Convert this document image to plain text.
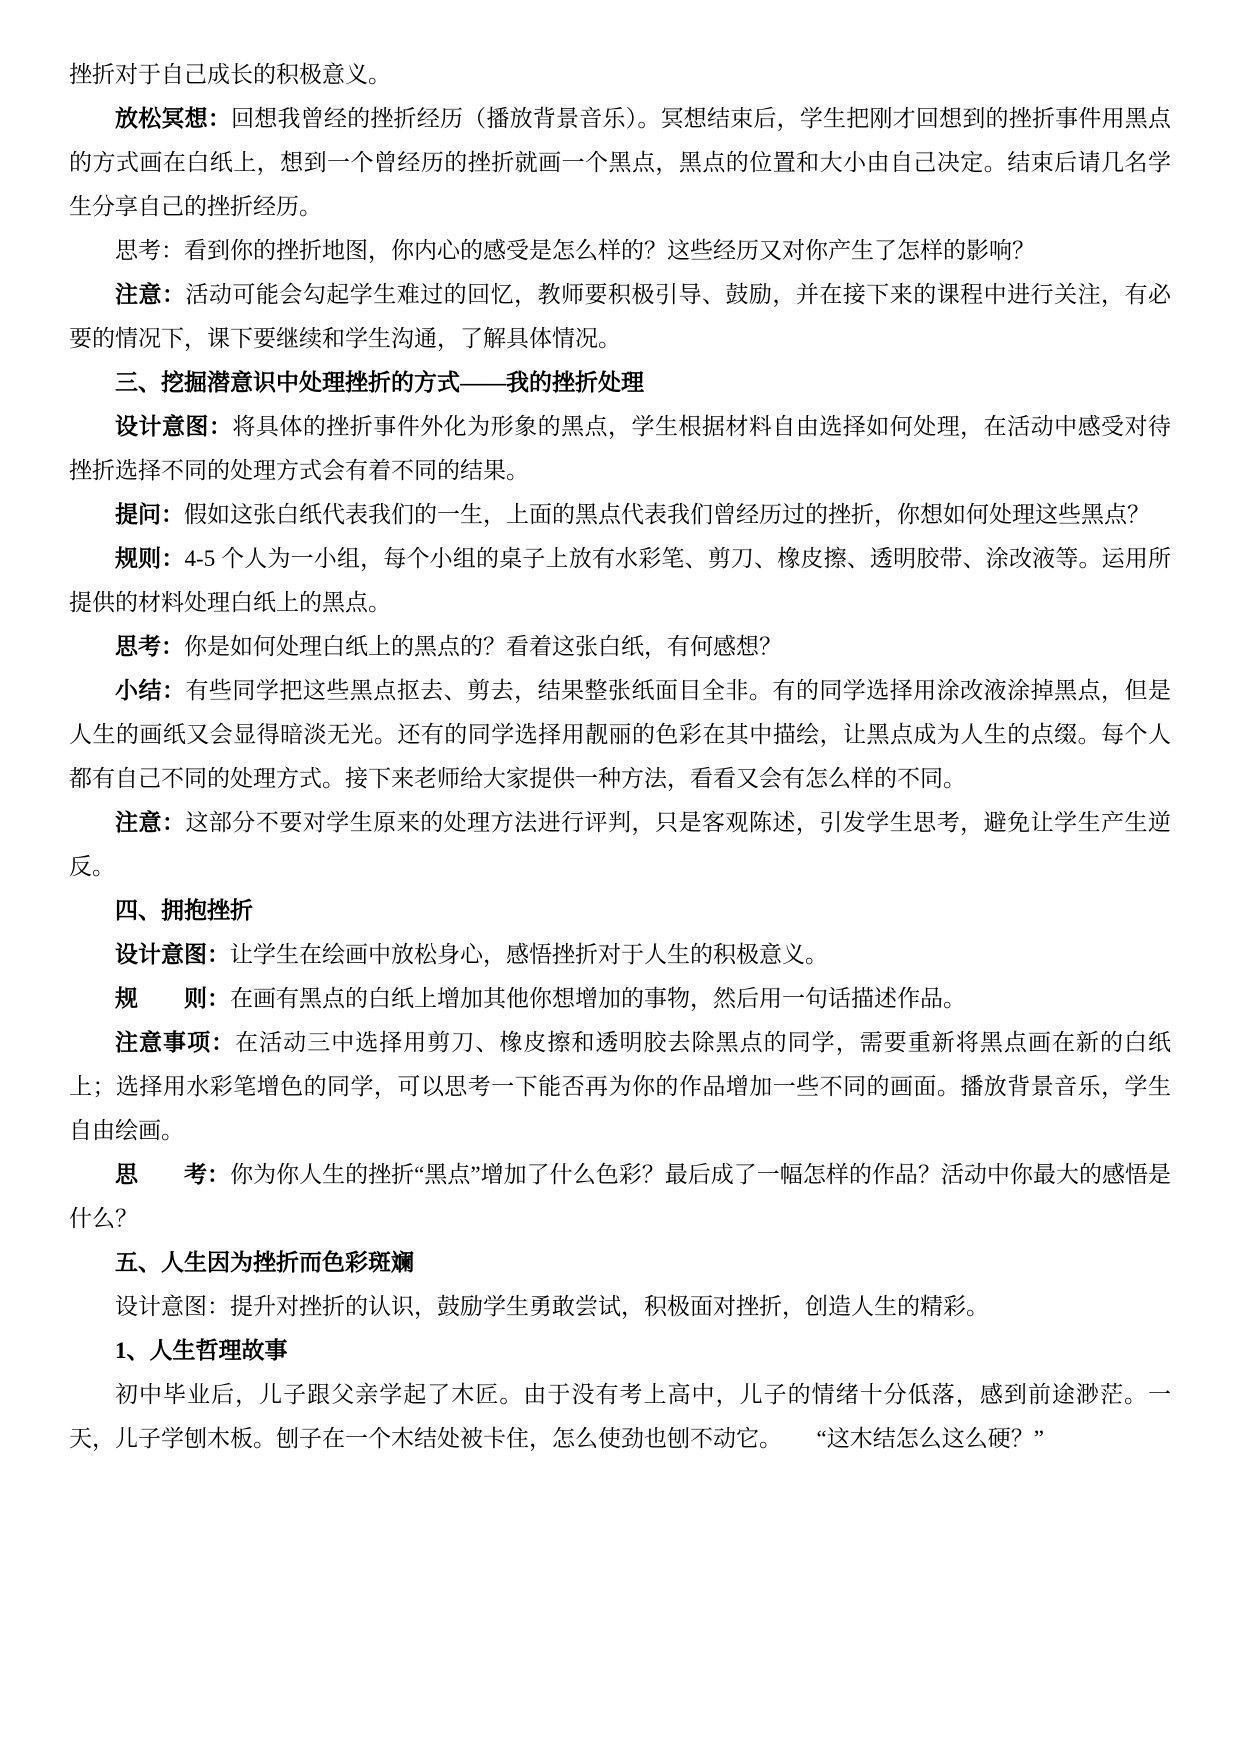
挫折对于自己成长的积极意义。

放松冥想：回想我曾经的挫折经历（播放背景音乐）。冥想结束后，学生把刚才回想到的挫折事件用黑点的方式画在白纸上，想到一个曾经历的挫折就画一个黑点，黑点的位置和大小由自己决定。结束后请几名学生分享自己的挫折经历。

思考：看到你的挫折地图，你内心的感受是怎么样的？这些经历又对你产生了怎样的影响？

注意：活动可能会勾起学生难过的回忆，教师要积极引导、鼓励，并在接下来的课程中进行关注，有必要的情况下，课下要继续和学生沟通，了解具体情况。

三、挖掘潜意识中处理挫折的方式——我的挫折处理

设计意图：将具体的挫折事件外化为形象的黑点，学生根据材料自由选择如何处理，在活动中感受对待挫折选择不同的处理方式会有着不同的结果。

提问：假如这张白纸代表我们的一生，上面的黑点代表我们曾经历过的挫折，你想如何处理这些黑点？

规则：4-5 个人为一小组，每个小组的桌子上放有水彩笔、剪刀、橡皮擦、透明胶带、涂改液等。运用所提供的材料处理白纸上的黑点。

思考：你是如何处理白纸上的黑点的？看着这张白纸，有何感想？

小结：有些同学把这些黑点抠去、剪去，结果整张纸面目全非。有的同学选择用涂改液涂掉黑点，但是人生的画纸又会显得暗淡无光。还有的同学选择用靓丽的色彩在其中描绘，让黑点成为人生的点缀。每个人都有自己不同的处理方式。接下来老师给大家提供一种方法，看看又会有怎么样的不同。

注意：这部分不要对学生原来的处理方法进行评判，只是客观陈述，引发学生思考，避免让学生产生逆反。

四、拥抱挫折

设计意图：让学生在绘画中放松身心，感悟挫折对于人生的积极意义。

规　　则：在画有黑点的白纸上增加其他你想增加的事物，然后用一句话描述作品。

注意事项：在活动三中选择用剪刀、橡皮擦和透明胶去除黑点的同学，需要重新将黑点画在新的白纸上；选择用水彩笔增色的同学，可以思考一下能否再为你的作品增加一些不同的画面。播放背景音乐，学生自由绘画。

思　　考：你为你人生的挫折“黑点”增加了什么色彩？最后成了一幅怎样的作品？活动中你最大的感悟是什么？

五、人生因为挫折而色彩斑斓

设计意图：提升对挫折的认识，鼓励学生勇敢尝试，积极面对挫折，创造人生的精彩。

1、人生哲理故事

初中毕业后，儿子跟父亲学起了木匠。由于没有考上高中，儿子的情绪十分低落，感到前途渺茫。一天，儿子学刨木板。刨子在一个木结处被卡住，怎么使劲也刨不动它。　　“这木结怎么这么硬？”
